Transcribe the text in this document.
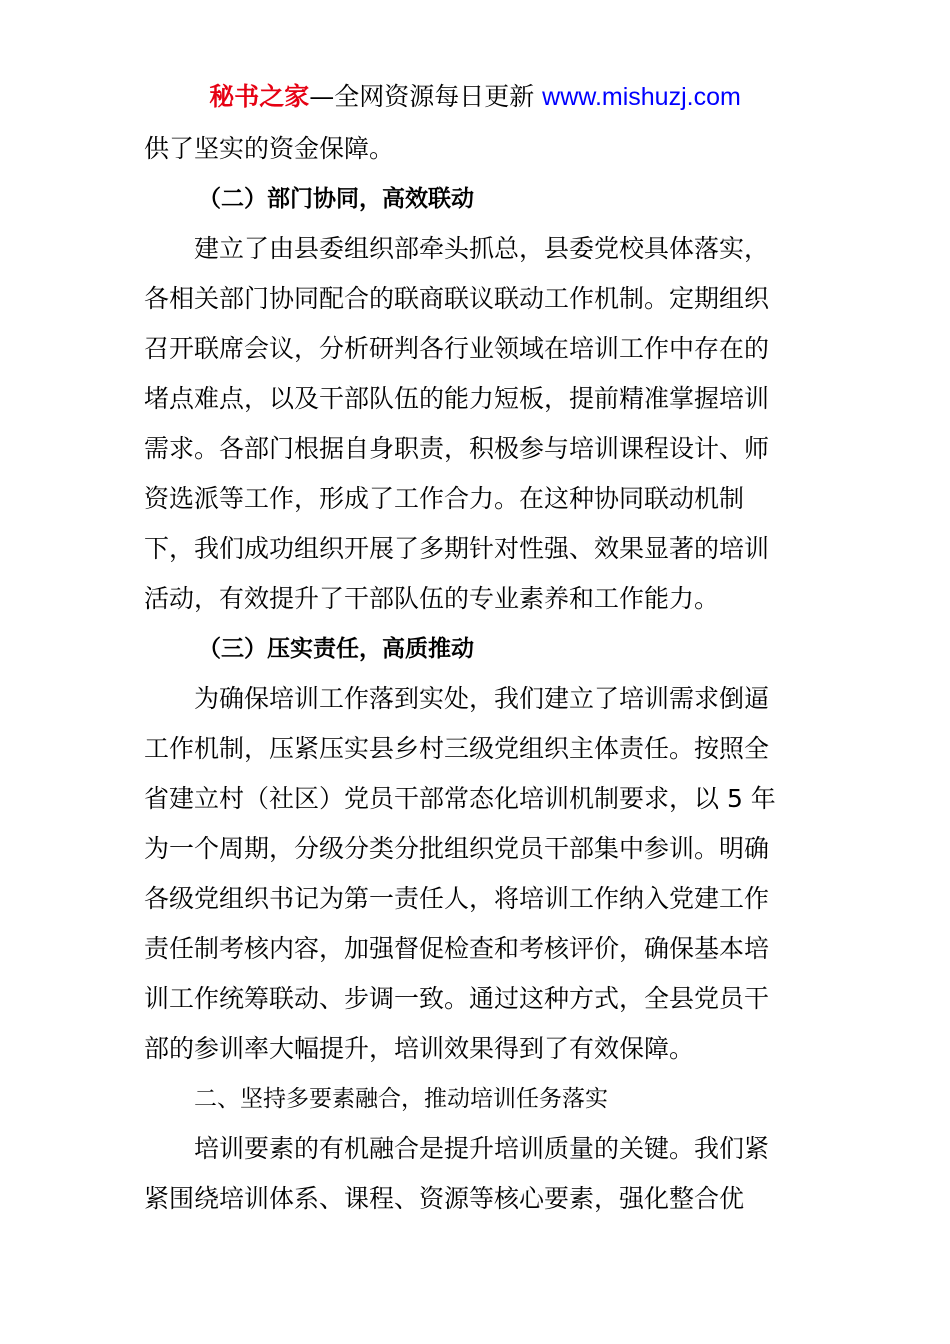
秘书之家—全网资源每日更新 www.mishuzj.com
供了坚实的资金保障。
（二）部门协同，高效联动
建立了由县委组织部牵头抓总，县委党校具体落实，
各相关部门协同配合的联商联议联动工作机制。定期组织
召开联席会议，分析研判各行业领域在培训工作中存在的
堵点难点，以及干部队伍的能力短板，提前精准掌握培训
需求。各部门根据自身职责，积极参与培训课程设计、师
资选派等工作，形成了工作合力。在这种协同联动机制
下，我们成功组织开展了多期针对性强、效果显著的培训
活动，有效提升了干部队伍的专业素养和工作能力。
（三）压实责任，高质推动
为确保培训工作落到实处，我们建立了培训需求倒逼
工作机制，压紧压实县乡村三级党组织主体责任。按照全
省建立村（社区）党员干部常态化培训机制要求，以 5 年
为一个周期，分级分类分批组织党员干部集中参训。明确
各级党组织书记为第一责任人，将培训工作纳入党建工作
责任制考核内容，加强督促检查和考核评价，确保基本培
训工作统筹联动、步调一致。通过这种方式，全县党员干
部的参训率大幅提升，培训效果得到了有效保障。
二、坚持多要素融合，推动培训任务落实
培训要素的有机融合是提升培训质量的关键。我们紧
紧围绕培训体系、课程、资源等核心要素，强化整合优
